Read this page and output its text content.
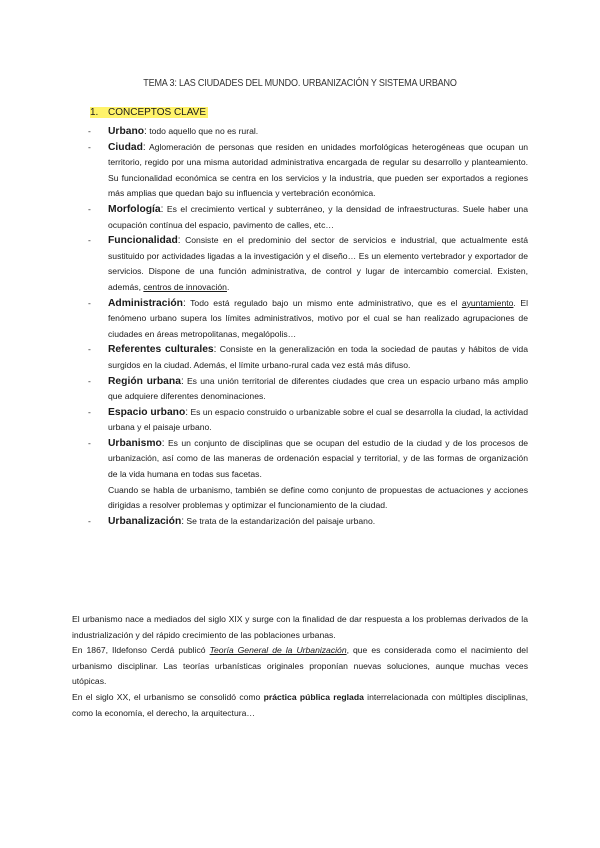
TEMA 3: LAS CIUDADES DEL MUNDO. URBANIZACIÓN Y SISTEMA URBANO
1. CONCEPTOS CLAVE
- Urbano: todo aquello que no es rural.
- Ciudad: Aglomeración de personas que residen en unidades morfológicas heterogéneas que ocupan un territorio, regido por una misma autoridad administrativa encargada de regular su desarrollo y planteamiento. Su funcionalidad económica se centra en los servicios y la industria, que pueden ser exportados a regiones más amplias que quedan bajo su influencia y vertebración económica.
- Morfología: Es el crecimiento vertical y subterráneo, y la densidad de infraestructuras. Suele haber una ocupación contínua del espacio, pavimento de calles, etc…
- Funcionalidad: Consiste en el predominio del sector de servicios e industrial, que actualmente está sustituido por actividades ligadas a la investigación y el diseño… Es un elemento vertebrador y exportador de servicios. Dispone de una función administrativa, de control y lugar de intercambio comercial. Existen, además, centros de innovación.
- Administración: Todo está regulado bajo un mismo ente administrativo, que es el ayuntamiento. El fenómeno urbano supera los límites administrativos, motivo por el cual se han realizado agrupaciones de ciudades en áreas metropolitanas, megalópolis…
- Referentes culturales: Consiste en la generalización en toda la sociedad de pautas y hábitos de vida surgidos en la ciudad. Además, el límite urbano-rural cada vez está más difuso.
- Región urbana: Es una unión territorial de diferentes ciudades que crea un espacio urbano más amplio que adquiere diferentes denominaciones.
- Espacio urbano: Es un espacio construido o urbanizable sobre el cual se desarrolla la ciudad, la actividad urbana y el paisaje urbano.
- Urbanismo: Es un conjunto de disciplinas que se ocupan del estudio de la ciudad y de los procesos de urbanización, así como de las maneras de ordenación espacial y territorial, y de las formas de organización de la vida humana en todas sus facetas.
Cuando se habla de urbanismo, también se define como conjunto de propuestas de actuaciones y acciones dirigidas a resolver problemas y optimizar el funcionamiento de la ciudad.
- Urbanalización: Se trata de la estandarización del paisaje urbano.

El urbanismo nace a mediados del siglo XIX y surge con la finalidad de dar respuesta a los problemas derivados de la industrialización y del rápido crecimiento de las poblaciones urbanas.

En 1867, Ildefonso Cerdá publicó Teoría General de la Urbanización, que es considerada como el nacimiento del urbanismo disciplinar. Las teorías urbanísticas originales proponían nuevas soluciones, aunque muchas veces utópicas.

En el siglo XX, el urbanismo se consolidó como práctica pública reglada interrelacionada con múltiples disciplinas, como la economía, el derecho, la arquitectura…
